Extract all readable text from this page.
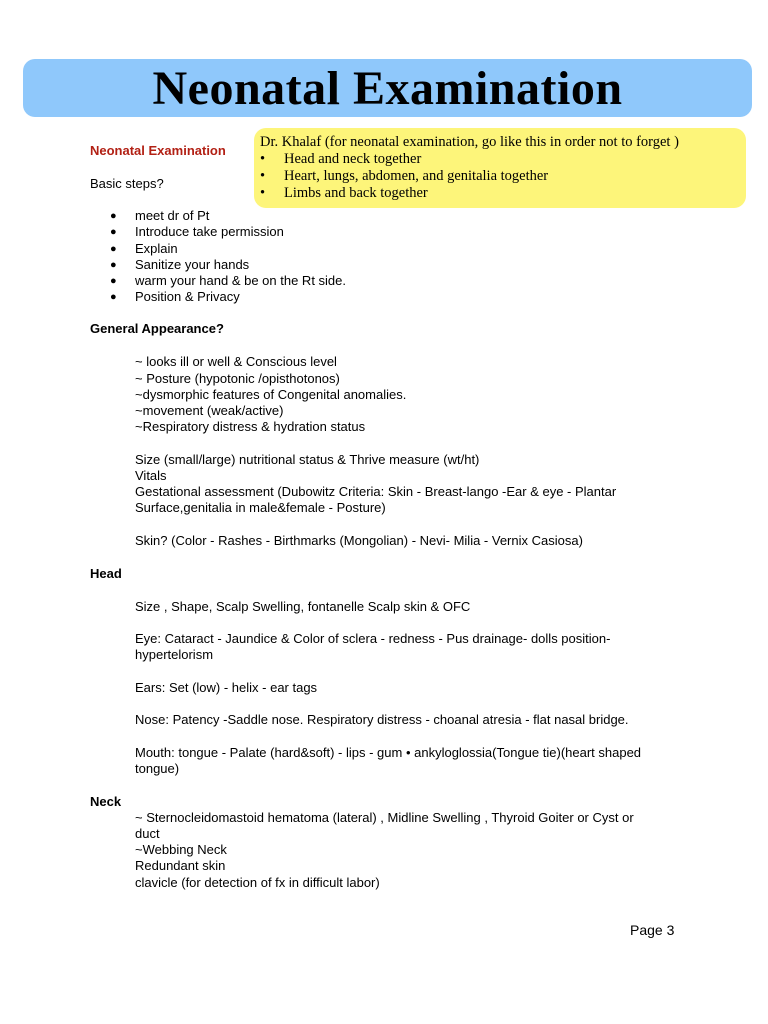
Neonatal Examination
Dr. Khalaf (for neonatal examination, go like this in order not to forget )
•	Head and neck together
•	Heart, lungs, abdomen, and genitalia together
•	Limbs and back together
Neonatal Examination
Basic steps?
●	meet dr of Pt
●	Introduce take permission
●	Explain
●	Sanitize your hands
●	warm your hand & be on the Rt side.
●	Position & Privacy
General Appearance?
~ looks ill or well & Conscious level
~ Posture (hypotonic /opisthotonos)
~dysmorphic features of Congenital anomalies.
~movement (weak/active)
~Respiratory distress & hydration status
Size (small/large) nutritional status & Thrive measure (wt/ht)
Vitals
Gestational assessment (Dubowitz Criteria: Skin - Breast-lango -Ear & eye - Plantar
Surface,genitalia in male&female - Posture)
Skin? (Color - Rashes - Birthmarks (Mongolian) - Nevi- Milia - Vernix Casiosa)
Head
Size , Shape, Scalp Swelling, fontanelle Scalp skin & OFC
Eye: Cataract - Jaundice & Color of sclera - redness - Pus drainage- dolls position-
hypertelorism
Ears: Set (low) - helix - ear tags
Nose: Patency -Saddle nose. Respiratory distress - choanal atresia - flat nasal bridge.
Mouth: tongue - Palate (hard&soft) - lips - gum • ankyloglossia(Tongue tie)(heart shaped
tongue)
Neck
~ Sternocleidomastoid hematoma (lateral) , Midline Swelling , Thyroid Goiter or Cyst or
duct
~Webbing Neck
Redundant skin
clavicle (for detection of fx in difficult labor)
Page 3
